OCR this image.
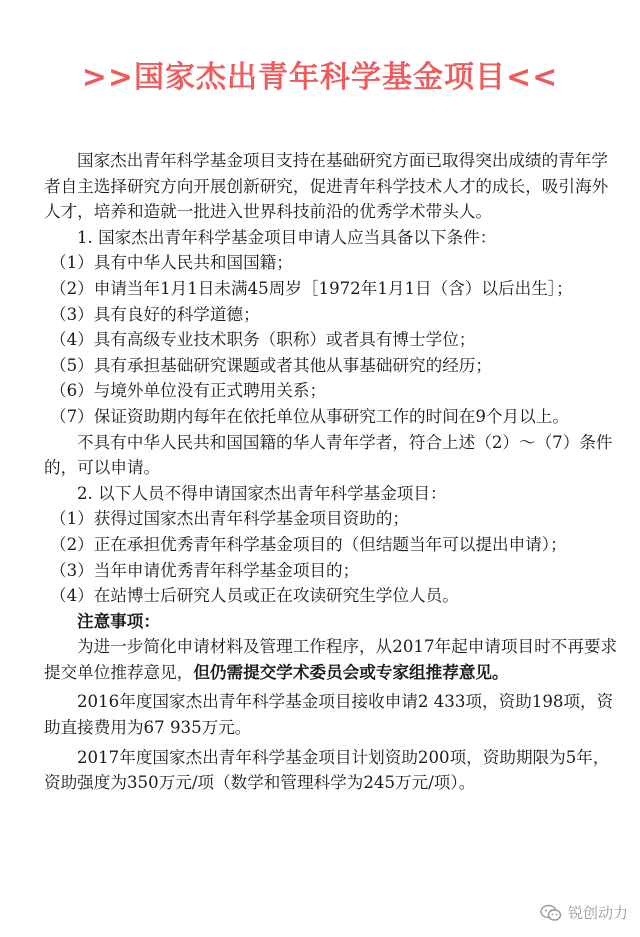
>>国家杰出青年科学基金项目<<

国家杰出青年科学基金项目支持在基础研究方面已取得突出成绩的青年学者自主选择研究方向开展创新研究，促进青年科学技术人才的成长，吸引海外人才，培养和造就一批进入世界科技前沿的优秀学术带头人。

1. 国家杰出青年科学基金项目申请人应当具备以下条件：

（1）具有中华人民共和国国籍；

（2）申请当年1月1日未满45周岁［1972年1月1日（含）以后出生］；

（3）具有良好的科学道德；

（4）具有高级专业技术职务（职称）或者具有博士学位；

（5）具有承担基础研究课题或者其他从事基础研究的经历；

（6）与境外单位没有正式聘用关系；

（7）保证资助期内每年在依托单位从事研究工作的时间在9个月以上。

不具有中华人民共和国国籍的华人青年学者，符合上述（2）～（7）条件的，可以申请。

2. 以下人员不得申请国家杰出青年科学基金项目：

（1）获得过国家杰出青年科学基金项目资助的；

（2）正在承担优秀青年科学基金项目的（但结题当年可以提出申请）；

（3）当年申请优秀青年科学基金项目的；

（4）在站博士后研究人员或正在攻读研究生学位人员。

注意事项：

为进一步简化申请材料及管理工作程序，从2017年起申请项目时不再要求提交单位推荐意见，但仍需提交学术委员会或专家组推荐意见。

2016年度国家杰出青年科学基金项目接收申请2 433项，资助198项，资助直接费用为67 935万元。

2017年度国家杰出青年科学基金项目计划资助200项，资助期限为5年，资助强度为350万元/项（数学和管理科学为245万元/项）。

锐创动力
